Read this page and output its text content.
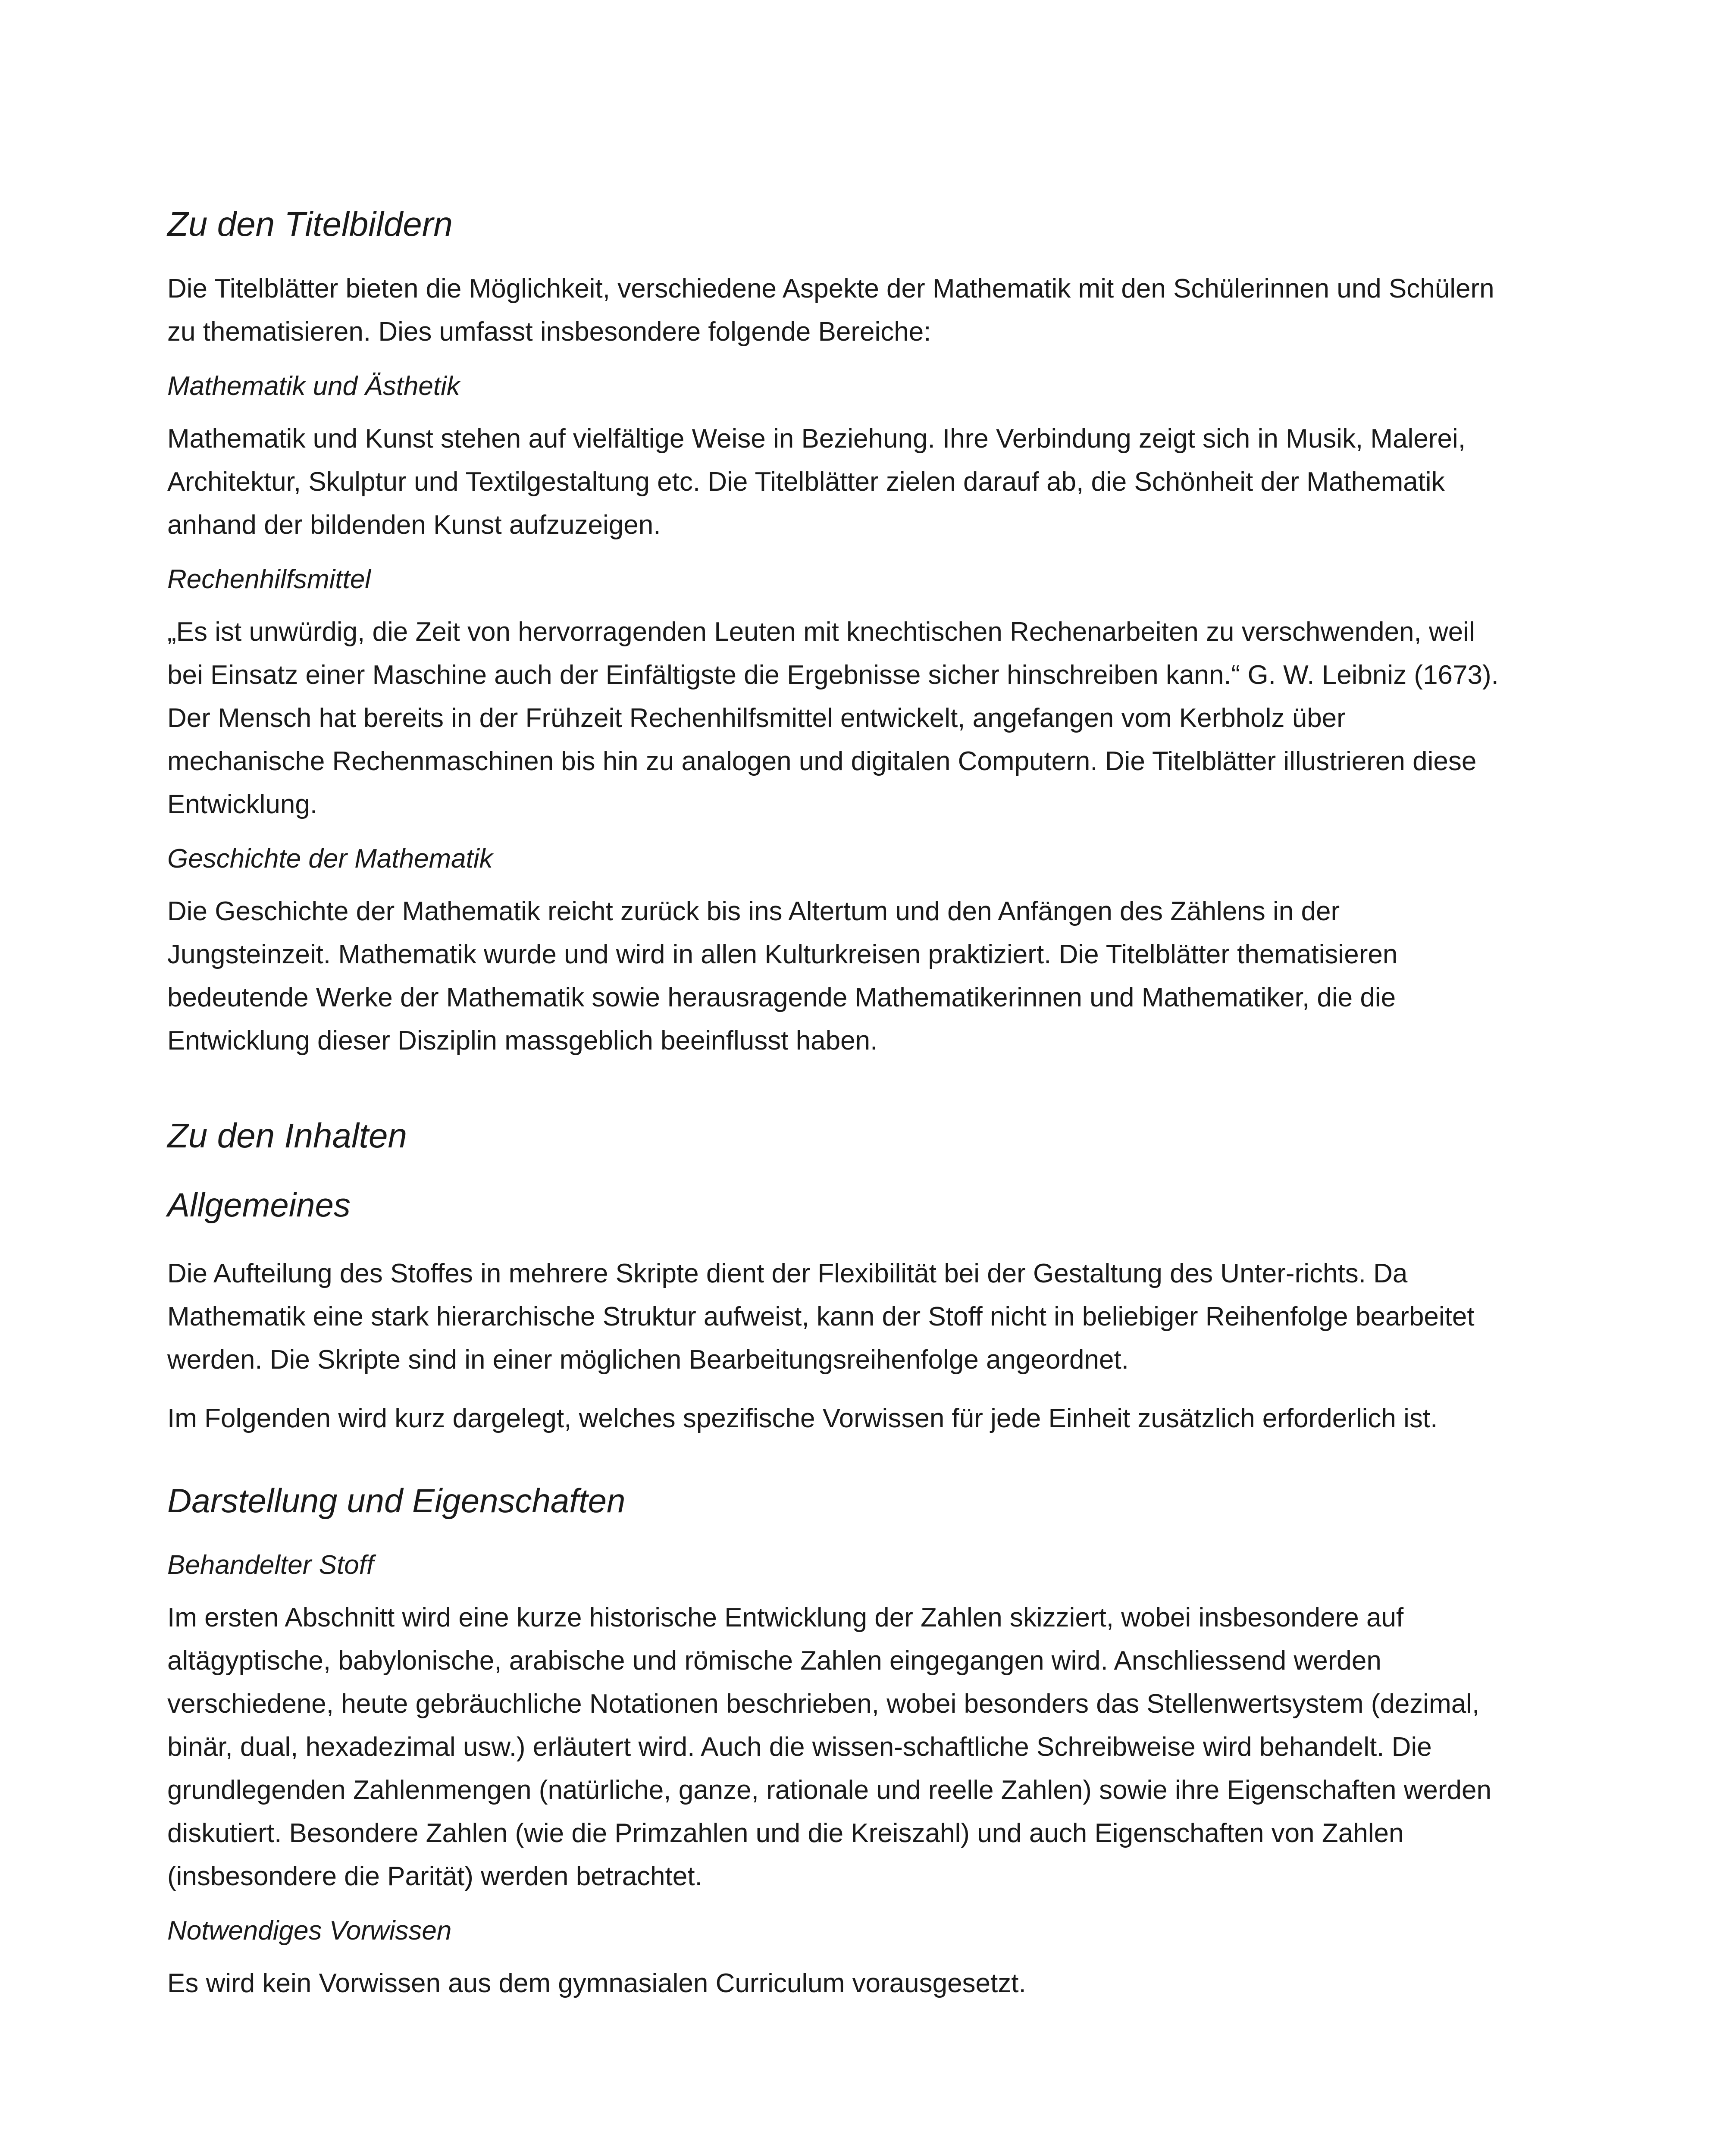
Zu den Titelbildern

Die Titelblätter bieten die Möglichkeit, verschiedene Aspekte der Mathematik mit den Schülerinnen und Schülern zu thematisieren. Dies umfasst insbesondere folgende Bereiche:

Mathematik und Ästhetik

Mathematik und Kunst stehen auf vielfältige Weise in Beziehung. Ihre Verbindung zeigt sich in Musik, Malerei, Architektur, Skulptur und Textilgestaltung etc. Die Titelblätter zielen darauf ab, die Schönheit der Mathematik anhand der bildenden Kunst aufzuzeigen.

Rechenhilfsmittel

„Es ist unwürdig, die Zeit von hervorragenden Leuten mit knechtischen Rechenarbeiten zu verschwenden, weil bei Einsatz einer Maschine auch der Einfältigste die Ergebnisse sicher hinschreiben kann.“ G. W. Leibniz (1673).

Der Mensch hat bereits in der Frühzeit Rechenhilfsmittel entwickelt, angefangen vom Kerbholz über mechanische Rechenmaschinen bis hin zu analogen und digitalen Computern. Die Titelblätter illustrieren diese Entwicklung.

Geschichte der Mathematik

Die Geschichte der Mathematik reicht zurück bis ins Altertum und den Anfängen des Zählens in der Jungsteinzeit. Mathematik wurde und wird in allen Kulturkreisen praktiziert. Die Titelblätter thematisieren bedeutende Werke der Mathematik sowie herausragende Mathematikerinnen und Mathematiker, die die Entwicklung dieser Disziplin massgeblich beeinflusst haben.

Zu den Inhalten
Allgemeines

Die Aufteilung des Stoffes in mehrere Skripte dient der Flexibilität bei der Gestaltung des Unter-richts. Da Mathematik eine stark hierarchische Struktur aufweist, kann der Stoff nicht in beliebiger Reihenfolge bearbeitet werden. Die Skripte sind in einer möglichen Bearbeitungsreihenfolge angeordnet.

Im Folgenden wird kurz dargelegt, welches spezifische Vorwissen für jede Einheit zusätzlich erforderlich ist.

Darstellung und Eigenschaften
Behandelter Stoff

Im ersten Abschnitt wird eine kurze historische Entwicklung der Zahlen skizziert, wobei insbesondere auf altägyptische, babylonische, arabische und römische Zahlen eingegangen wird. Anschliessend werden verschiedene, heute gebräuchliche Notationen beschrieben, wobei besonders das Stellenwertsystem (dezimal, binär, dual, hexadezimal usw.) erläutert wird. Auch die wissen-schaftliche Schreibweise wird behandelt. Die grundlegenden Zahlenmengen (natürliche, ganze, rationale und reelle Zahlen) sowie ihre Eigenschaften werden diskutiert. Besondere Zahlen (wie die Primzahlen und die Kreiszahl) und auch Eigenschaften von Zahlen (insbesondere die Parität) werden betrachtet.

Notwendiges Vorwissen

Es wird kein Vorwissen aus dem gymnasialen Curriculum vorausgesetzt.
